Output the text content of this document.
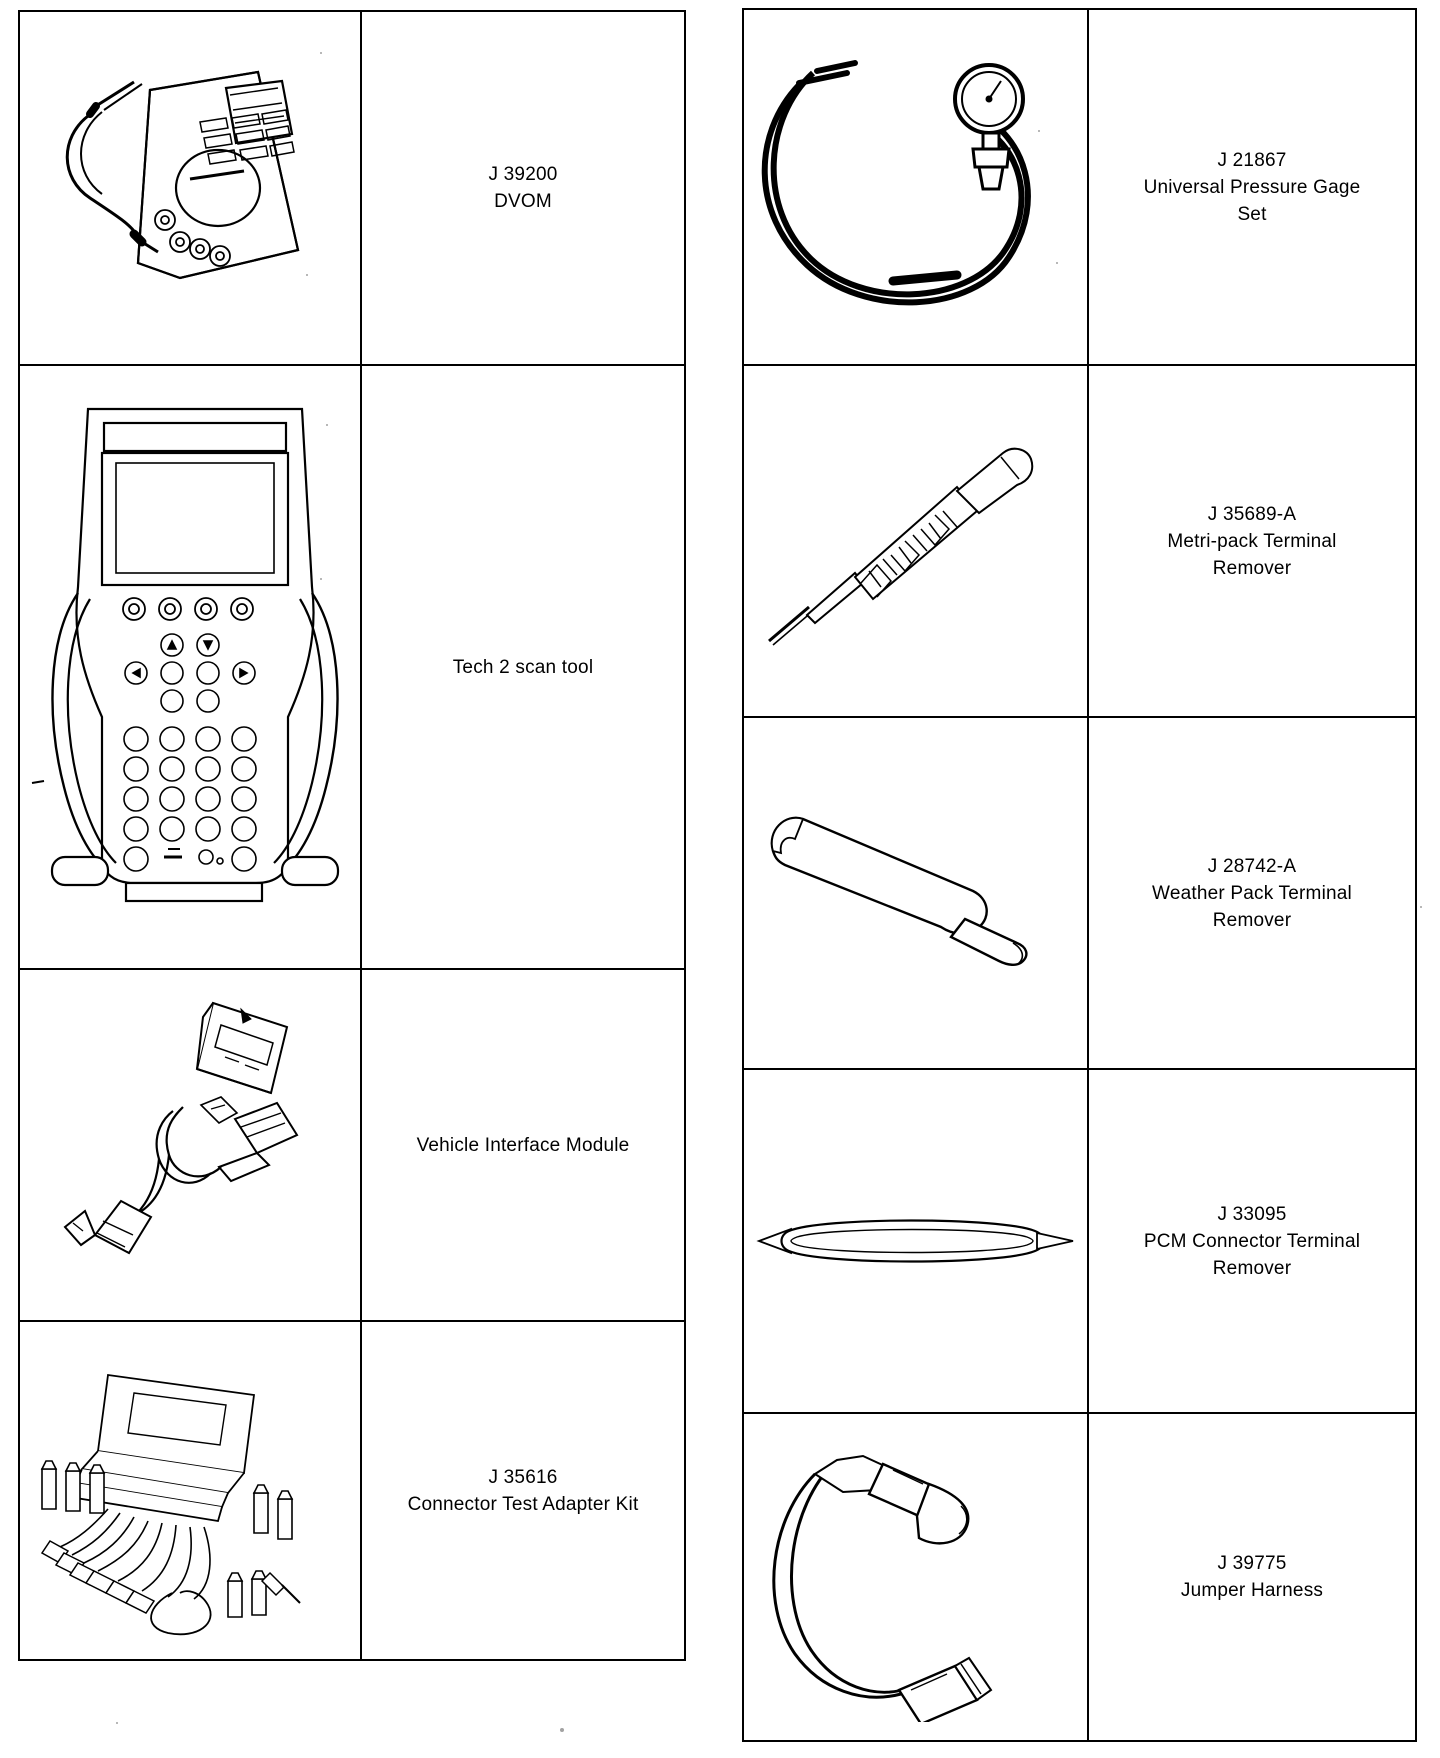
J 39200
DVOM
Tech 2 scan tool
Vehicle Interface Module
J 35616
Connector Test Adapter Kit
J 21867
Universal Pressure Gage
Set
J 35689-A
Metri-pack Terminal
Remover
J 28742-A
Weather Pack Terminal
Remover
J 33095
PCM Connector Terminal
Remover
J 39775
Jumper Harness
